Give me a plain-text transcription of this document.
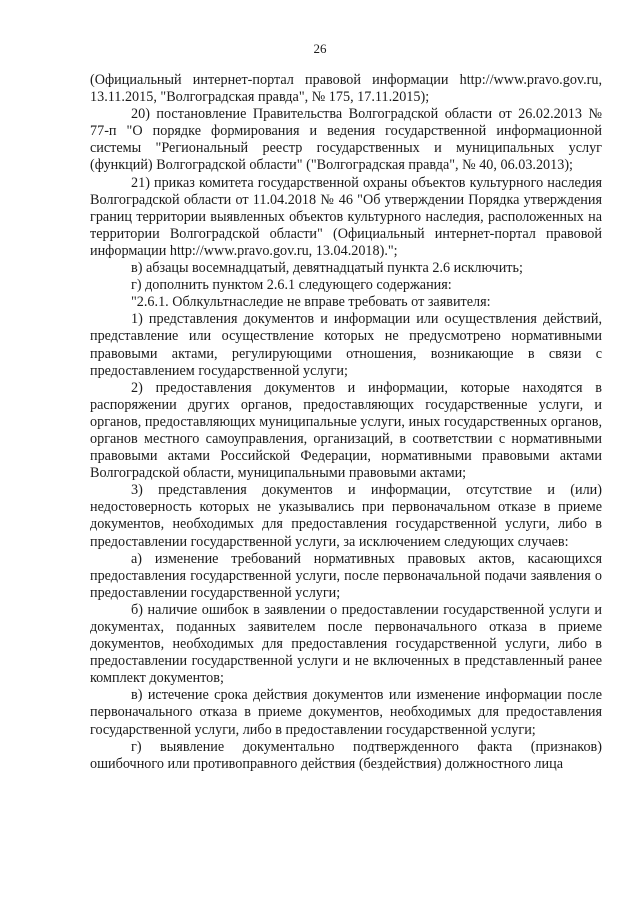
26

(Официальный интернет-портал правовой информации http://www.pravo.gov.ru, 13.11.2015, "Волгоградская правда", № 175, 17.11.2015);

20) постановление Правительства Волгоградской области от 26.02.2013 № 77-п "О порядке формирования и ведения государственной информационной системы "Региональный реестр государственных и муниципальных услуг (функций) Волгоградской области" ("Волгоградская правда", № 40, 06.03.2013);

21) приказ комитета государственной охраны объектов культурного наследия Волгоградской области от 11.04.2018 № 46 "Об утверждении Порядка утверждения границ территории выявленных объектов культурного наследия, расположенных на территории Волгоградской области" (Официальный интернет-портал правовой информации http://www.pravo.gov.ru, 13.04.2018).";

в) абзацы восемнадцатый, девятнадцатый пункта 2.6 исключить;

г) дополнить пунктом 2.6.1 следующего содержания:

"2.6.1. Облкультнаследие не вправе требовать от заявителя:

1) представления документов и информации или осуществления действий, представление или осуществление которых не предусмотрено нормативными правовыми актами, регулирующими отношения, возникающие в связи с предоставлением государственной услуги;

2) предоставления документов и информации, которые находятся в распоряжении других органов, предоставляющих государственные услуги, и органов, предоставляющих муниципальные услуги, иных государственных органов, органов местного самоуправления, организаций, в соответствии с нормативными правовыми актами Российской Федерации, нормативными правовыми актами Волгоградской области, муниципальными правовыми актами;

3) представления документов и информации, отсутствие и (или) недостоверность которых не указывались при первоначальном отказе в приеме документов, необходимых для предоставления государственной услуги, либо в предоставлении государственной услуги, за исключением следующих случаев:

а) изменение требований нормативных правовых актов, касающихся предоставления государственной услуги, после первоначальной подачи заявления о предоставлении государственной услуги;

б) наличие ошибок в заявлении о предоставлении государственной услуги и документах, поданных заявителем после первоначального отказа в приеме документов, необходимых для предоставления государственной услуги, либо в предоставлении государственной услуги и не включенных в представленный ранее комплект документов;

в) истечение срока действия документов или изменение информации после первоначального отказа в приеме документов, необходимых для предоставления государственной услуги, либо в предоставлении государственной услуги;

г) выявление документально подтвержденного факта (признаков) ошибочного или противоправного действия (бездействия) должностного лица
